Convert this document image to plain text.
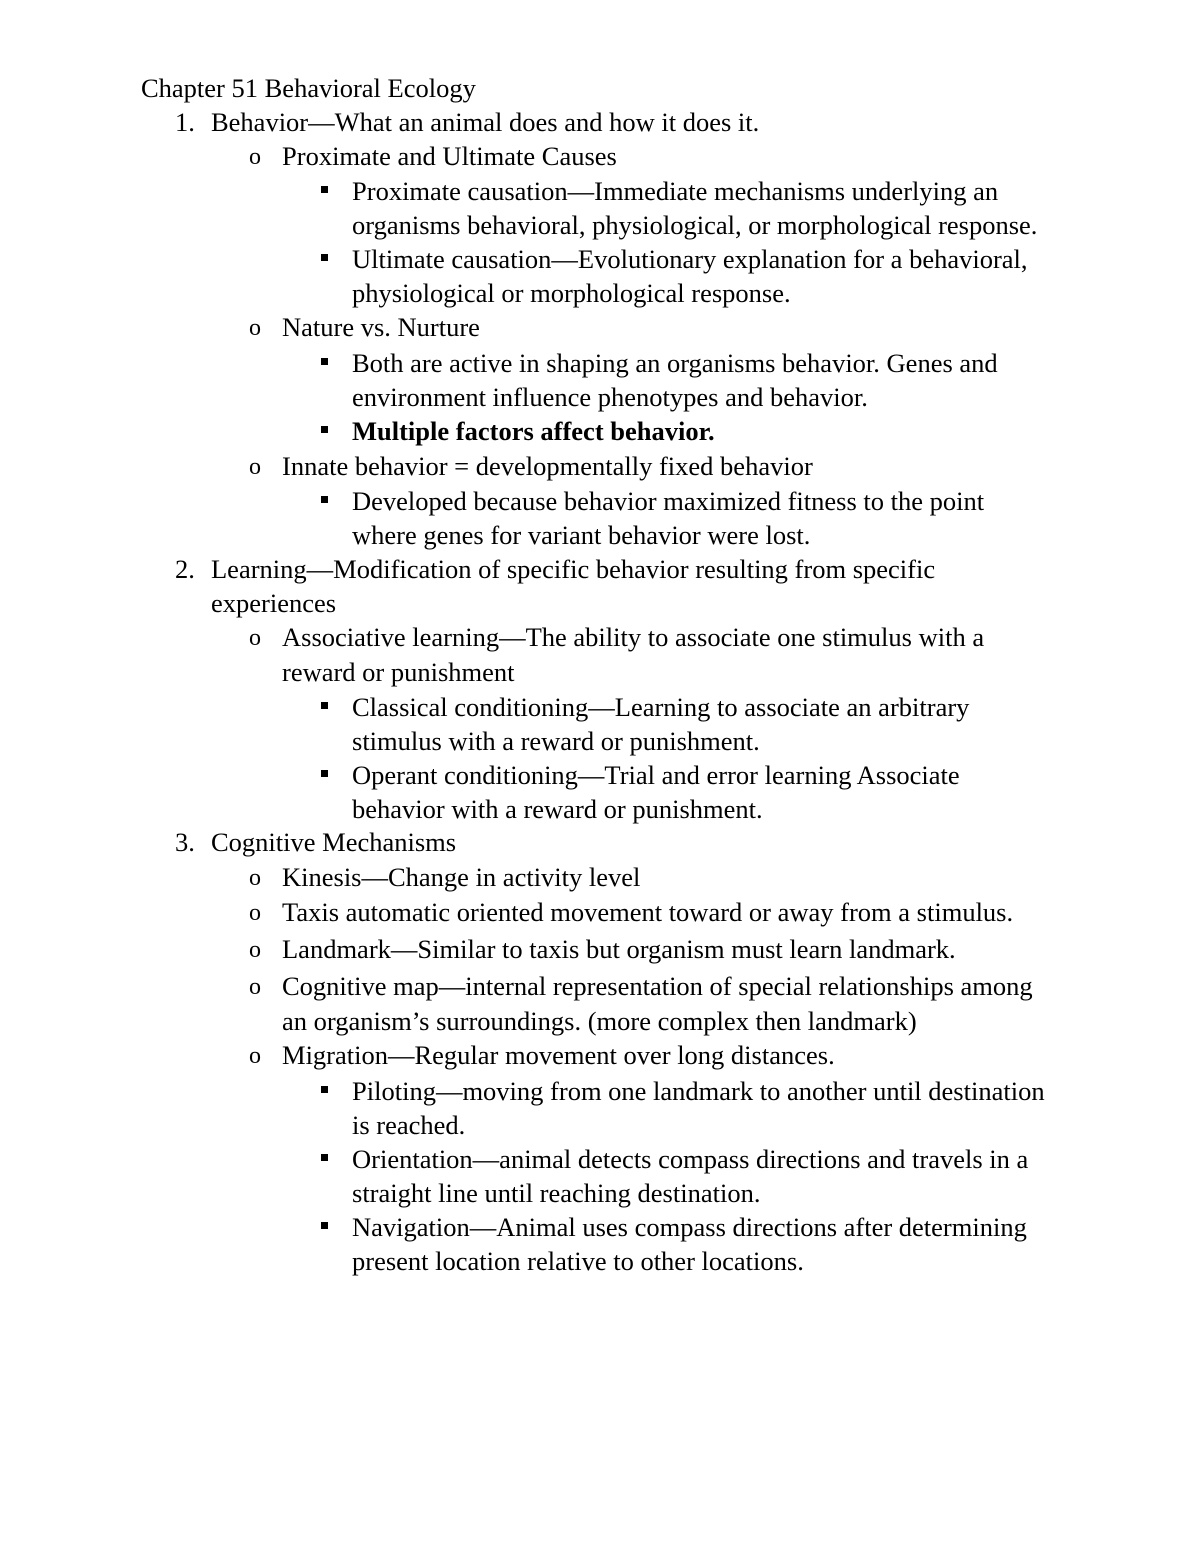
Chapter 51 Behavioral Ecology
1. Behavior—What an animal does and how it does it.
o Proximate and Ultimate Causes
Proximate causation—Immediate mechanisms underlying an
organisms behavioral, physiological, or morphological response.
Ultimate causation—Evolutionary explanation for a behavioral,
physiological or morphological response.
o Nature vs. Nurture
Both are active in shaping an organisms behavior. Genes and
environment influence phenotypes and behavior.
Multiple factors affect behavior.
o Innate behavior = developmentally fixed behavior
Developed because behavior maximized fitness to the point
where genes for variant behavior were lost.
2. Learning—Modification of specific behavior resulting from specific
experiences
o Associative learning—The ability to associate one stimulus with a
reward or punishment
Classical conditioning—Learning to associate an arbitrary
stimulus with a reward or punishment.
Operant conditioning—Trial and error learning Associate
behavior with a reward or punishment.
3. Cognitive Mechanisms
o Kinesis—Change in activity level
o Taxis automatic oriented movement toward or away from a stimulus.
o Landmark—Similar to taxis but organism must learn landmark.
o Cognitive map—internal representation of special relationships among
an organism’s surroundings. (more complex then landmark)
o Migration—Regular movement over long distances.
Piloting—moving from one landmark to another until destination
is reached.
Orientation—animal detects compass directions and travels in a
straight line until reaching destination.
Navigation—Animal uses compass directions after determining
present location relative to other locations.
